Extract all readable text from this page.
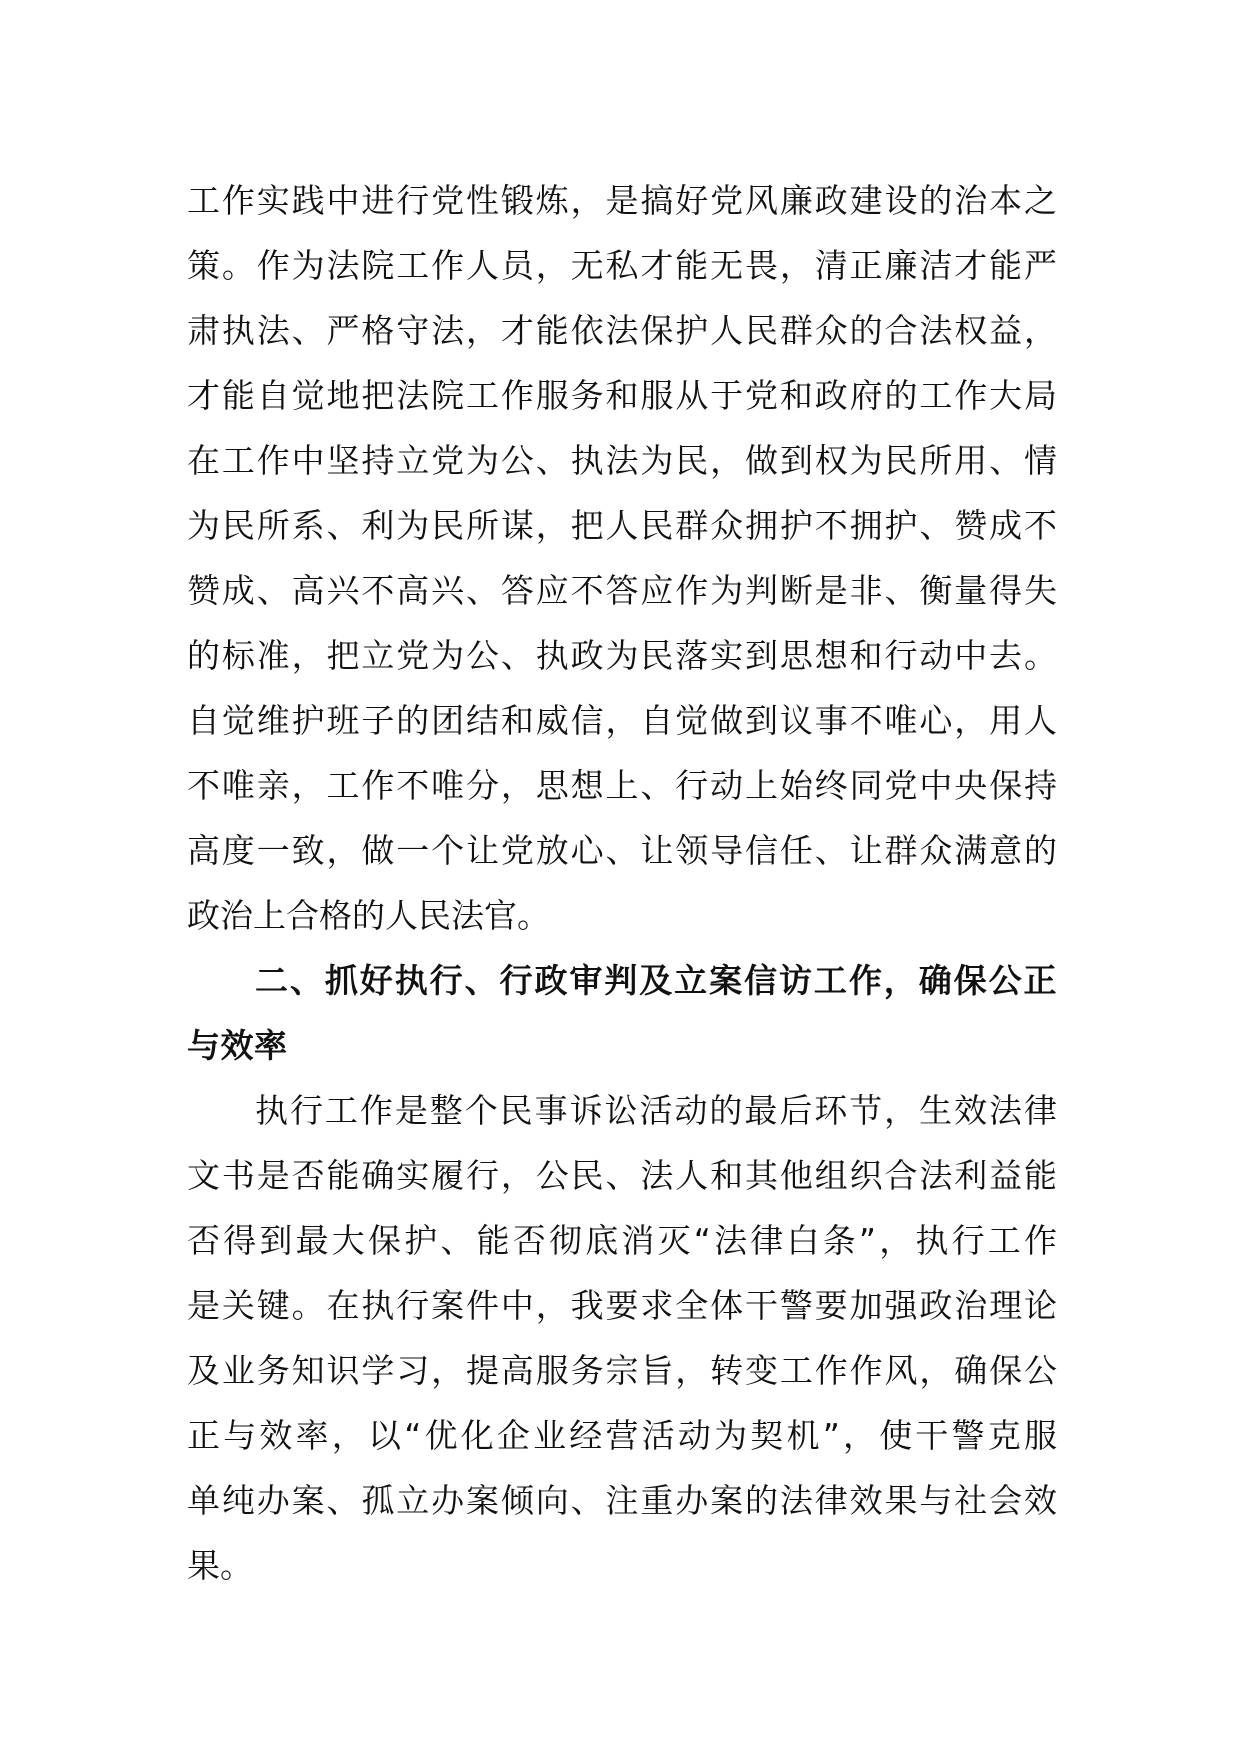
工作实践中进行党性锻炼，是搞好党风廉政建设的治本之
策。作为法院工作人员，无私才能无畏，清正廉洁才能严
肃执法、严格守法，才能依法保护人民群众的合法权益，
才能自觉地把法院工作服务和服从于党和政府的工作大局
在工作中坚持立党为公、执法为民，做到权为民所用、情
为民所系、利为民所谋，把人民群众拥护不拥护、赞成不
赞成、高兴不高兴、答应不答应作为判断是非、衡量得失
的标准，把立党为公、执政为民落实到思想和行动中去。
自觉维护班子的团结和威信，自觉做到议事不唯心，用人
不唯亲，工作不唯分，思想上、行动上始终同党中央保持
高度一致，做一个让党放心、让领导信任、让群众满意的
政治上合格的人民法官。
二、抓好执行、行政审判及立案信访工作，确保公正
与效率
执行工作是整个民事诉讼活动的最后环节，生效法律
文书是否能确实履行，公民、法人和其他组织合法利益能
否得到最大保护、能否彻底消灭“法律白条”，执行工作
是关键。在执行案件中，我要求全体干警要加强政治理论
及业务知识学习，提高服务宗旨，转变工作作风，确保公
正与效率，以“优化企业经营活动为契机”，使干警克服
单纯办案、孤立办案倾向、注重办案的法律效果与社会效
果。
